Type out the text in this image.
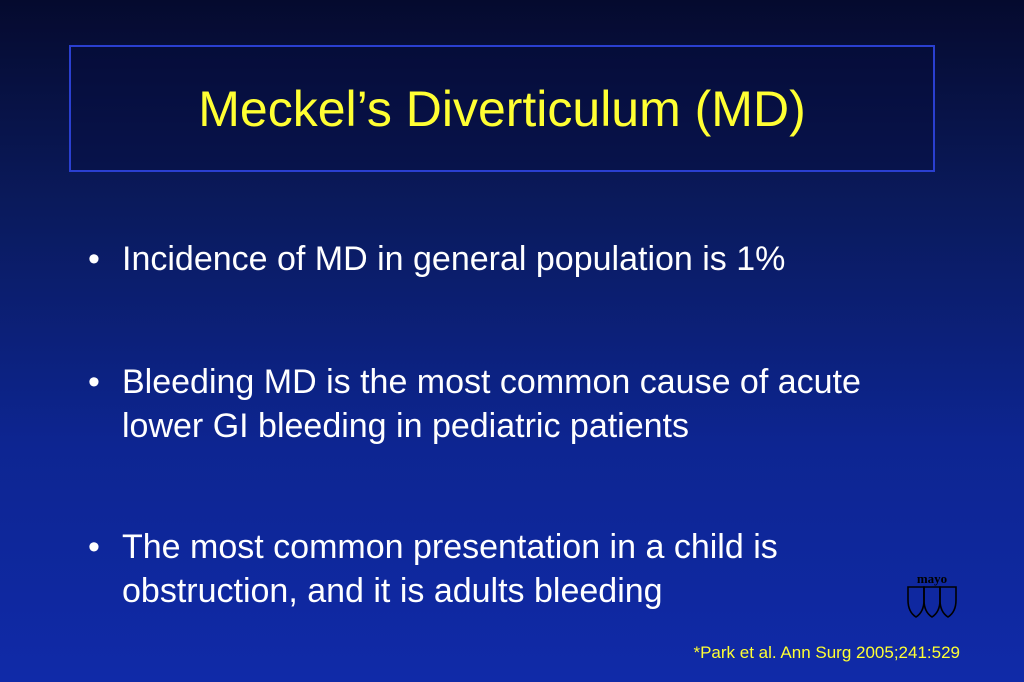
Meckel’s Diverticulum (MD)
• Incidence of MD in general population is 1%
• Bleeding MD is the most common cause of acute lower GI bleeding in pediatric patients
• The most common presentation in a child is obstruction, and it is adults bleeding	mayo
*Park et al. Ann Surg 2005;241:529
